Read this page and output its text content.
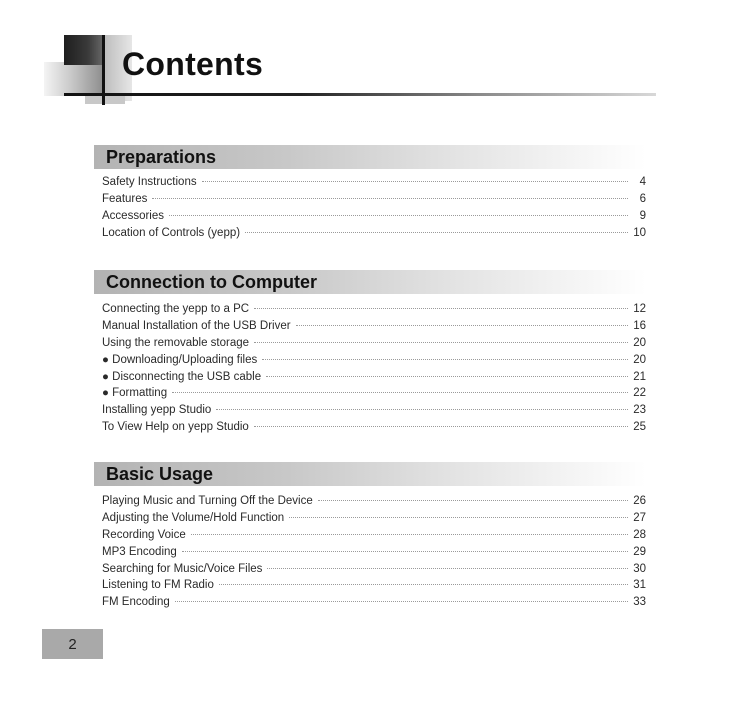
Contents
Preparations
Safety Instructions	4
Features	6
Accessories	9
Location of Controls (yepp)	10
Connection to Computer
Connecting the yepp to a PC	12
Manual Installation of the USB Driver	16
Using the removable storage	20
● Downloading/Uploading files	20
● Disconnecting the USB cable	21
● Formatting	22
Installing yepp Studio	23
To View Help on yepp Studio	25
Basic Usage
Playing Music and Turning Off the Device	26
Adjusting the Volume/Hold Function	27
Recording Voice	28
MP3 Encoding	29
Searching for Music/Voice Files	30
Listening to FM Radio	31
FM Encoding	33
2
